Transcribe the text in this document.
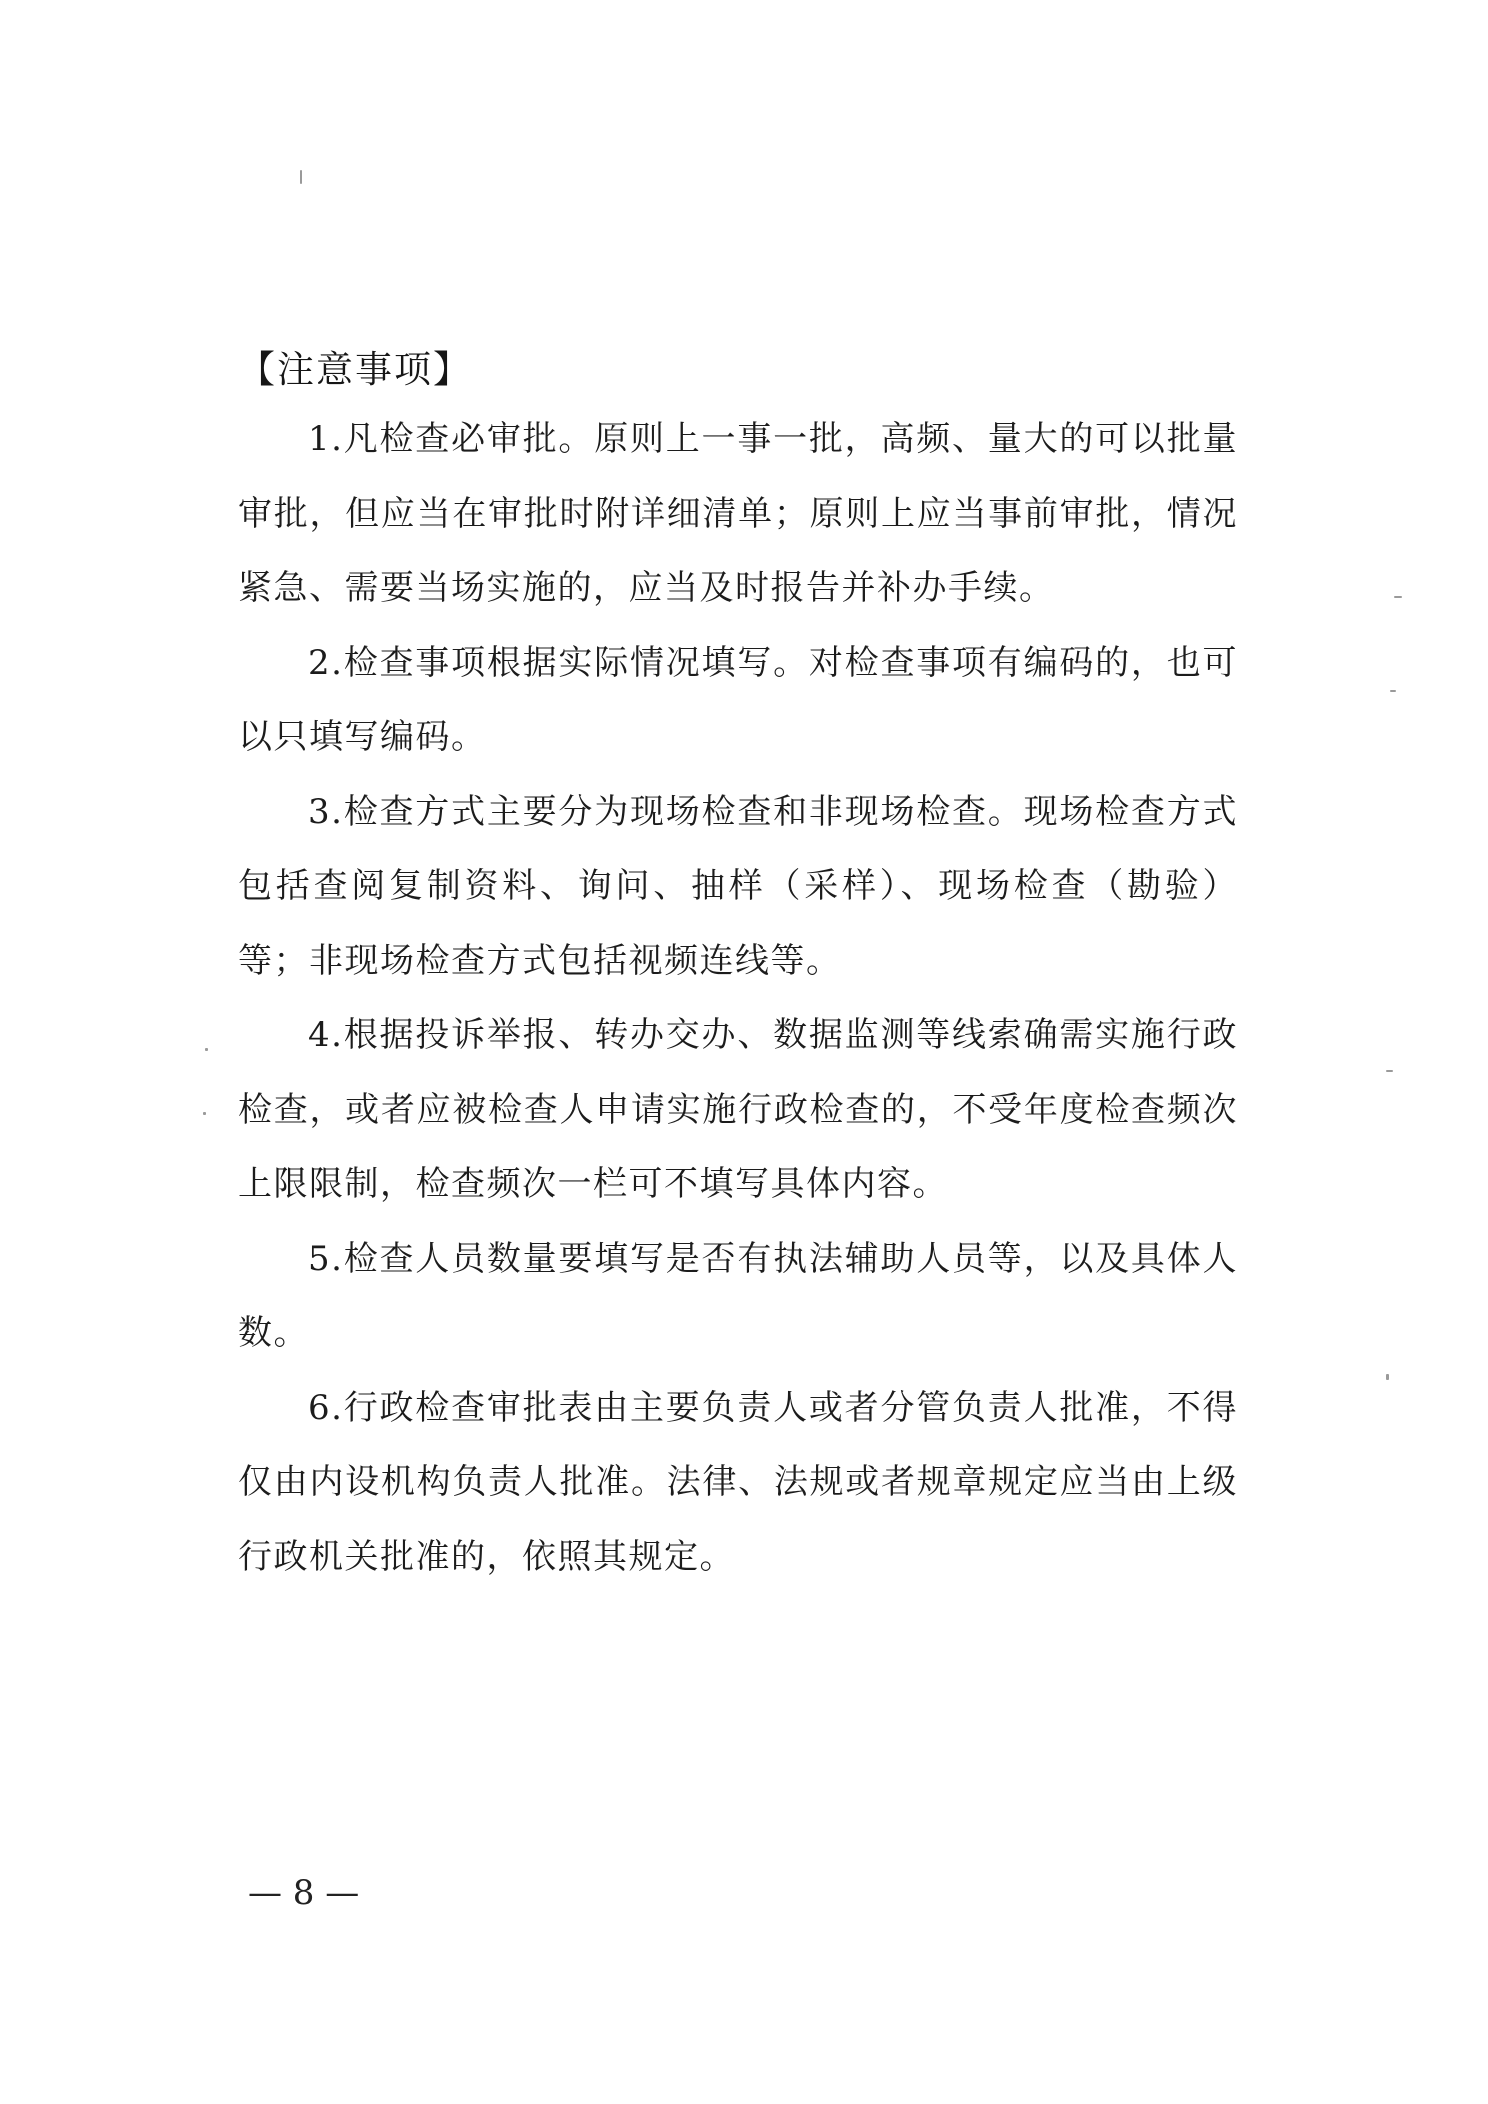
【注意事项】

1.凡检查必审批。原则上一事一批，高频、量大的可以批量审批，但应当在审批时附详细清单；原则上应当事前审批，情况紧急、需要当场实施的，应当及时报告并补办手续。

2.检查事项根据实际情况填写。对检查事项有编码的，也可以只填写编码。

3.检查方式主要分为现场检查和非现场检查。现场检查方式包括查阅复制资料、询问、抽样（采样）、现场检查（勘验）等；非现场检查方式包括视频连线等。

4.根据投诉举报、转办交办、数据监测等线索确需实施行政检查，或者应被检查人申请实施行政检查的，不受年度检查频次上限限制，检查频次一栏可不填写具体内容。

5.检查人员数量要填写是否有执法辅助人员等，以及具体人数。

6.行政检查审批表由主要负责人或者分管负责人批准，不得仅由内设机构负责人批准。法律、法规或者规章规定应当由上级行政机关批准的，依照其规定。

— 8 —
